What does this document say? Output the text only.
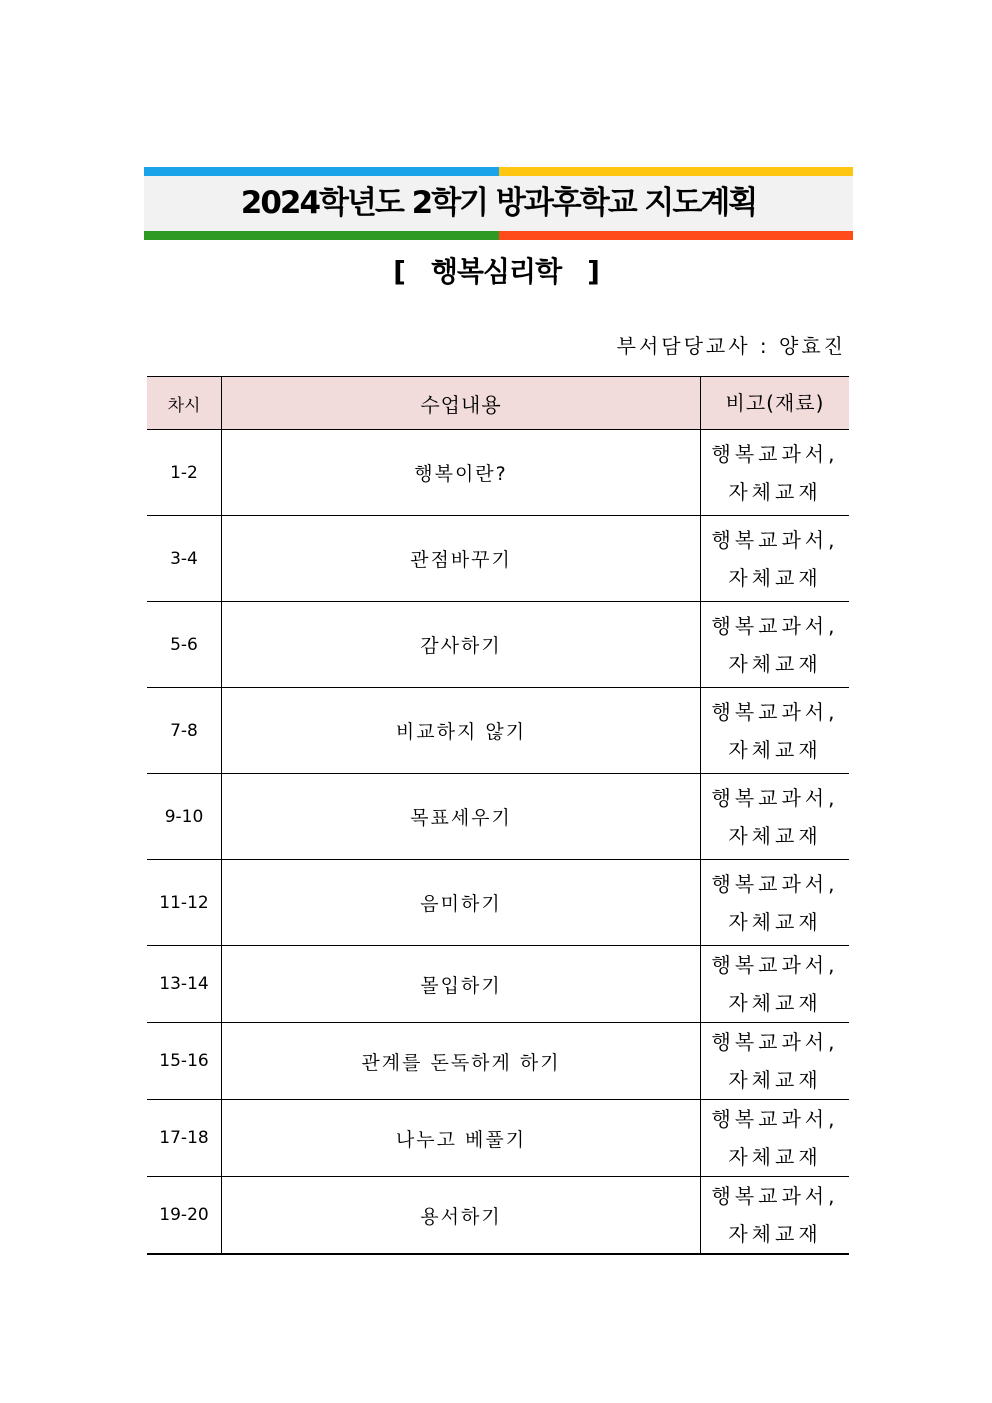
2024학년도 2학기 방과후학교 지도계획
[ 행복심리학 ]
부서담당교사 : 양효진
차시	수업내용	비고(재료)
1-2	행복이란?	행복교과서,
자체교재

3-4	관점바꾸기	행복교과서,
자체교재

5-6	감사하기	행복교과서,
자체교재

7-8	비교하지 않기	행복교과서,
자체교재

9-10	목표세우기	행복교과서,
자체교재

11-12	음미하기	행복교과서,
자체교재

13-14	몰입하기	행복교과서,
자체교재

15-16	관계를 돈독하게 하기	행복교과서,
자체교재

17-18	나누고 베풀기	행복교과서,
자체교재

19-20	용서하기	행복교과서,
자체교재
